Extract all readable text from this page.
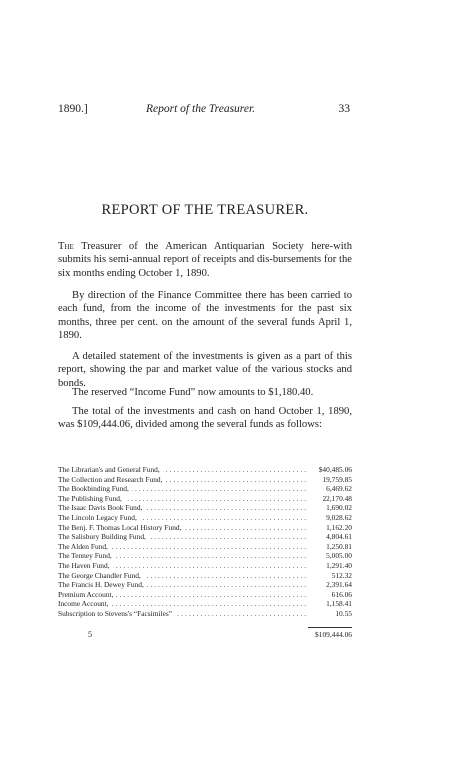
1890.]	Report of the Treasurer.	33
REPORT OF THE TREASURER.

The Treasurer of the American Antiquarian Society here-with submits his semi-annual report of receipts and dis-bursements for the six months ending October 1, 1890.

By direction of the Finance Committee there has been carried to each fund, from the income of the investments for the past six months, three per cent. on the amount of the several funds April 1, 1890.

A detailed statement of the investments is given as a part of this report, showing the par and market value of the various stocks and bonds.

The reserved “Income Fund” now amounts to $1,180.40.

The total of the investments and cash on hand October 1, 1890, was $109,444.06, divided among the several funds as follows:

.....
The Librarian's and General Fund,	$40,485.06
.....
The Collection and Research Fund,	19,759.85
.....
The Bookbinding Fund,	6,469.62
.....
The Publishing Fund,	22,170.48
.....
The Isaac Davis Book Fund,	1,690.02
.....
The Lincoln Legacy Fund,	9,028.62
.....
The Benj. F. Thomas Local History Fund,	1,162.20
.....
The Salisbury Building Fund,	4,804.61
.....
The Alden Fund,	1,250.81
.....
The Tenney Fund,	5,005.00
.....
The Haven Fund,	1,291.40
.....
The George Chandler Fund,	512.32
.....
The Francis H. Dewey Fund,	2,391.64
.....
Premium Account,	616.06
.....
Income Account,	1,158.41
.....
Subscription to Stevens's “Facsimiles”	10.55
5	$109,444.06
